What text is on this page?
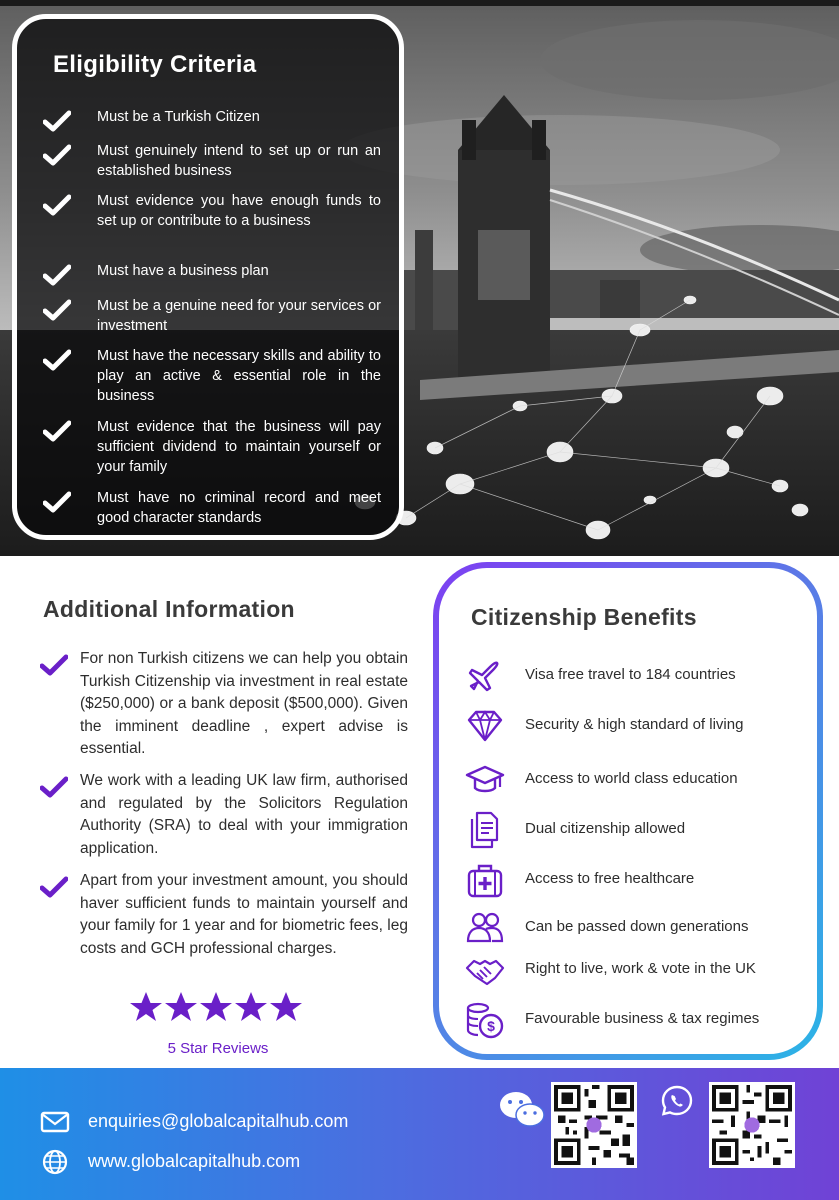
Eligibility Criteria
Must be a Turkish Citizen
Must genuinely intend to set up or run an established business
Must evidence you have enough funds to set up or contribute to a business
Must have a business plan
Must be a genuine need for your services or investment
Must have the necessary skills and ability to play an active & essential role in the business
Must evidence that the business will pay sufficient dividend to maintain yourself or your family
Must have no criminal record and meet good character standards
Additional Information
For non Turkish citizens we can help you obtain Turkish Citizenship via investment in real estate ($250,000) or a bank deposit ($500,000). Given the imminent deadline , expert advise is essential.
We work with a leading UK law firm, authorised and regulated by the Solicitors Regulation Authority (SRA) to deal with your immigration application.
Apart from your investment amount, you should haver sufficient funds to maintain yourself and your family for 1 year and for biometric fees, leg costs and GCH professional charges.
5 Star Reviews
Citizenship Benefits
Visa free travel to 184 countries
Security & high standard of living
Access to world class education
Dual citizenship allowed
Access to free healthcare
Can be passed down generations
Right to live, work & vote in the UK
$ Favourable business & tax regimes
enquiries@globalcapitalhub.com
www.globalcapitalhub.com
